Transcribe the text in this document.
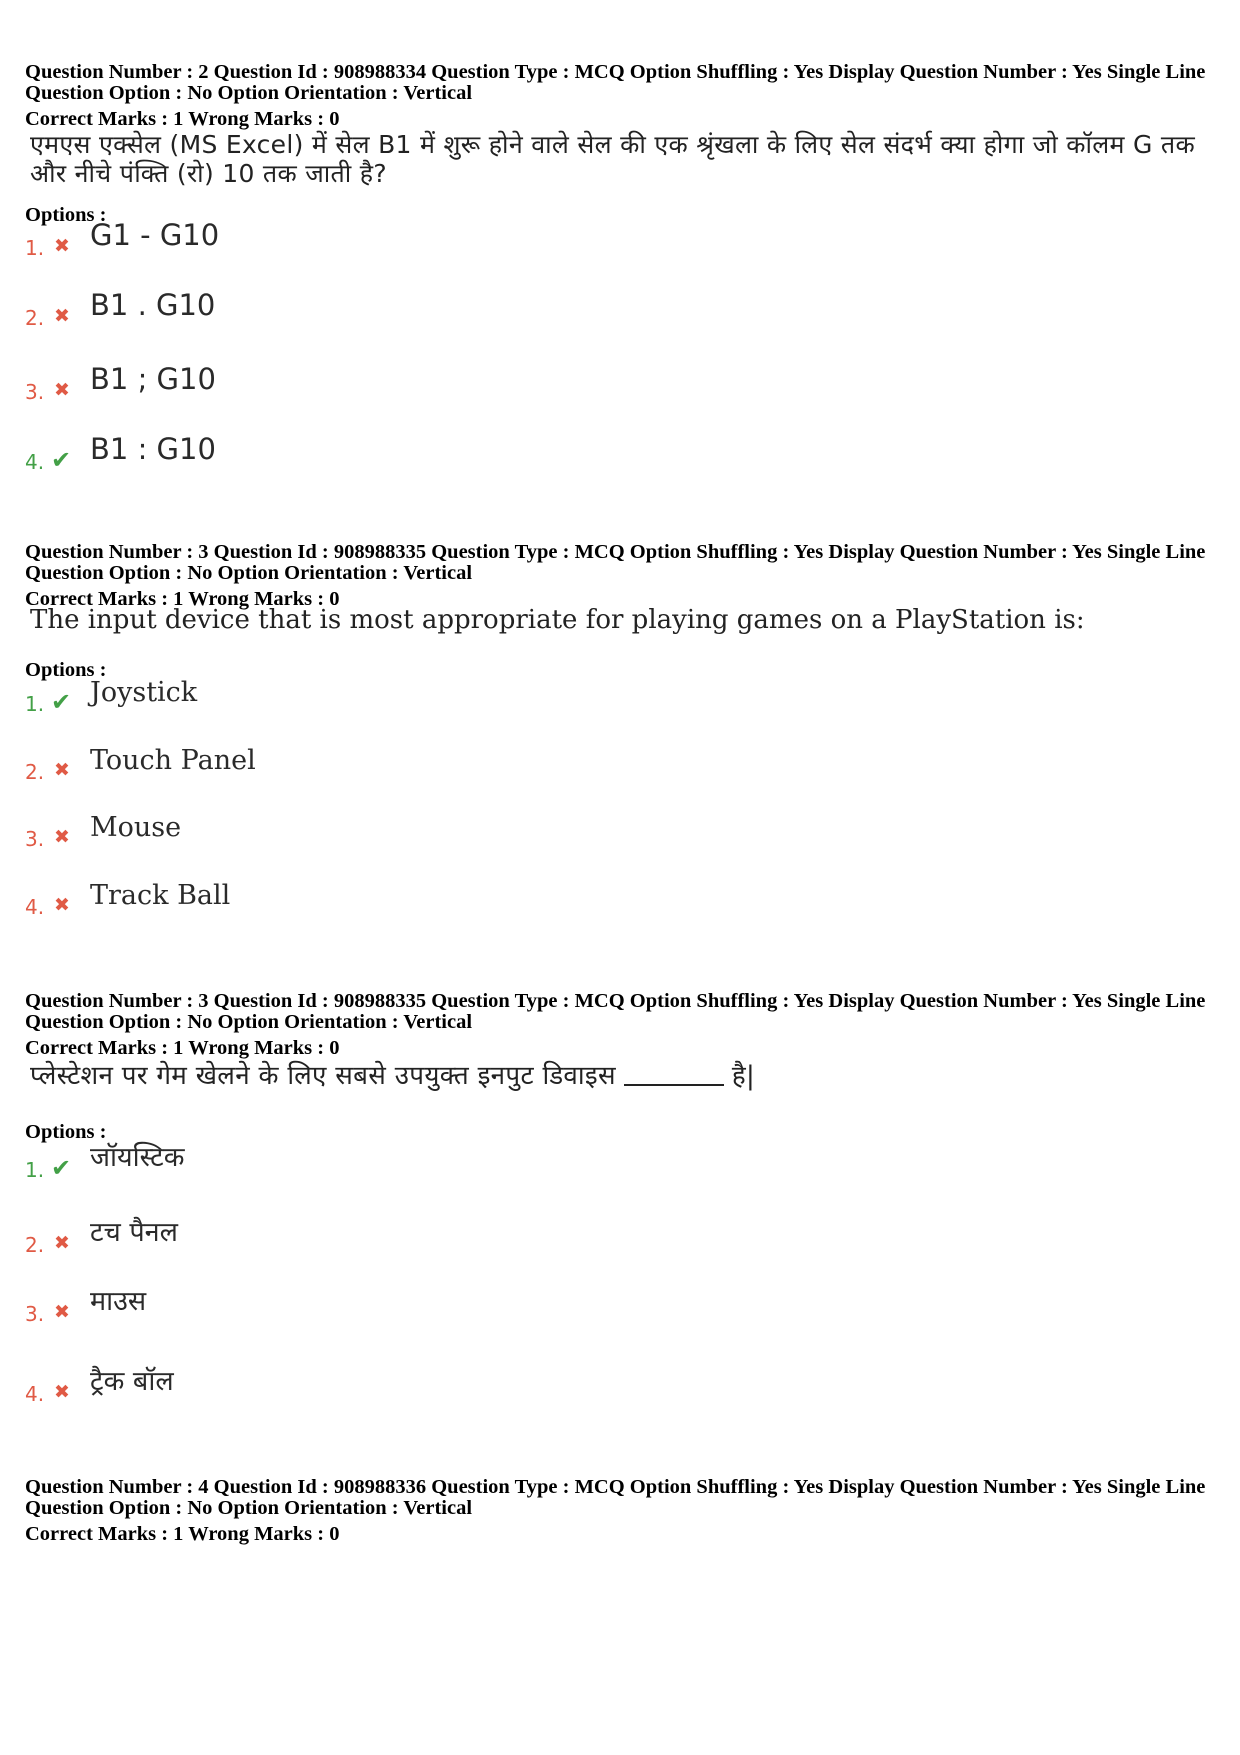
Question Number : 2 Question Id : 908988334 Question Type : MCQ Option Shuffling : Yes Display Question Number : Yes Single Line Question Option : No Option Orientation : Vertical

Correct Marks : 1 Wrong Marks : 0
एमएस एक्सेल (MS Excel) में सेल B1 में शुरू होने वाले सेल की एक श्रृंखला के लिए सेल संदर्भ क्या होगा जो कॉलम G तक और नीचे पंक्ति (रो) 10 तक जाती है?
Options :
1. ✖ G1 - G10
2. ✖ B1 . G10
3. ✖ B1 ; G10
4. ✔ B1 : G10

Question Number : 3 Question Id : 908988335 Question Type : MCQ Option Shuffling : Yes Display Question Number : Yes Single Line Question Option : No Option Orientation : Vertical

Correct Marks : 1 Wrong Marks : 0
The input device that is most appropriate for playing games on a PlayStation is:
Options :
1. ✔ Joystick
2. ✖ Touch Panel
3. ✖ Mouse
4. ✖ Track Ball

Question Number : 3 Question Id : 908988335 Question Type : MCQ Option Shuffling : Yes Display Question Number : Yes Single Line Question Option : No Option Orientation : Vertical

Correct Marks : 1 Wrong Marks : 0
प्लेस्टेशन पर गेम खेलने के लिए सबसे उपयुक्त इनपुट डिवाइस	है|
Options :
1. ✔ जॉयस्टिक
2. ✖ टच पैनल
3. ✖ माउस
4. ✖ ट्रैक बॉल

Question Number : 4 Question Id : 908988336 Question Type : MCQ Option Shuffling : Yes Display Question Number : Yes Single Line Question Option : No Option Orientation : Vertical

Correct Marks : 1 Wrong Marks : 0
